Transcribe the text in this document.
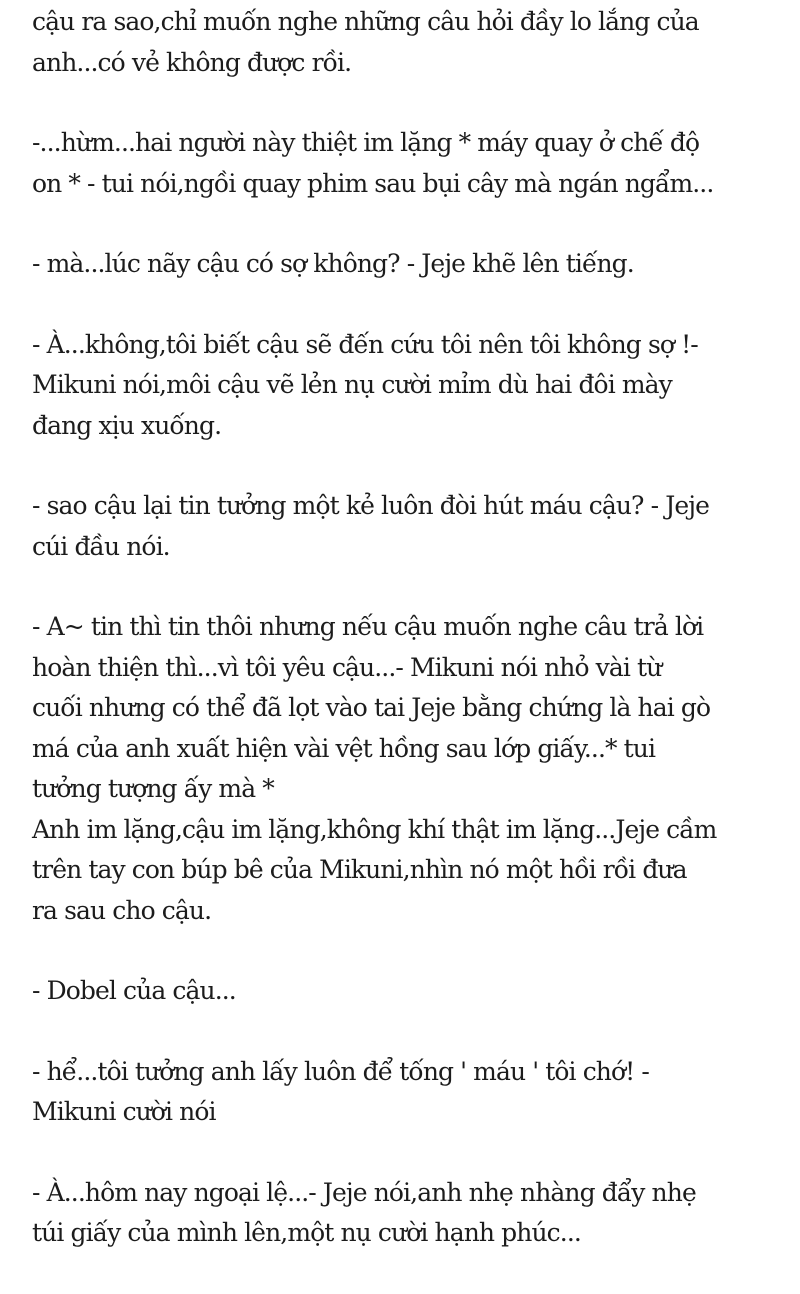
cậu ra sao,chỉ muốn nghe những câu hỏi đầy lo lắng của
anh...có vẻ không được rồi.

-...hừm...hai người này thiệt im lặng * máy quay ở chế độ
on * - tui nói,ngồi quay phim sau bụi cây mà ngán ngẩm...

- mà...lúc nãy cậu có sợ không? - Jeje khẽ lên tiếng.

- À...không,tôi biết cậu sẽ đến cứu tôi nên tôi không sợ !-
Mikuni nói,môi cậu vẽ lẻn nụ cười mỉm dù hai đôi mày
đang xịu xuống.

- sao cậu lại tin tưởng một kẻ luôn đòi hút máu cậu? - Jeje
cúi đầu nói.

- A~ tin thì tin thôi nhưng nếu cậu muốn nghe câu trả lời
hoàn thiện thì...vì tôi yêu cậu...- Mikuni nói nhỏ vài từ
cuối nhưng có thể đã lọt vào tai Jeje bằng chứng là hai gò
má của anh xuất hiện vài vệt hồng sau lớp giấy...* tui
tưởng tượng ấy mà *

Anh im lặng,cậu im lặng,không khí thật im lặng...Jeje cầm
trên tay con búp bê của Mikuni,nhìn nó một hồi rồi đưa
ra sau cho cậu.

- Dobel của cậu...

- hể...tôi tưởng anh lấy luôn để tống ' máu ' tôi chớ! -
Mikuni cười nói

- À...hôm nay ngoại lệ...- Jeje nói,anh nhẹ nhàng đẩy nhẹ
túi giấy của mình lên,một nụ cười hạnh phúc...
